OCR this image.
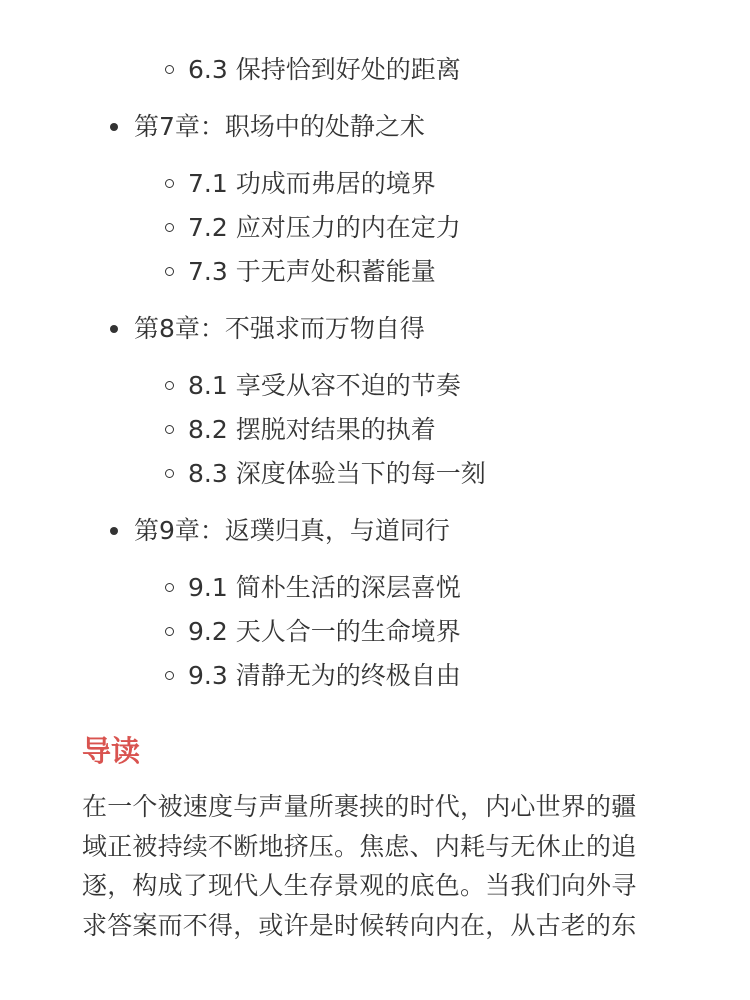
6.3 保持恰到好处的距离
第7章：职场中的处静之术
7.1 功成而弗居的境界
7.2 应对压力的内在定力
7.3 于无声处积蓄能量
第8章：不强求而万物自得
8.1 享受从容不迫的节奏
8.2 摆脱对结果的执着
8.3 深度体验当下的每一刻
第9章：返璞归真，与道同行
9.1 简朴生活的深层喜悦
9.2 天人合一的生命境界
9.3 清静无为的终极自由
导读
在一个被速度与声量所裹挟的时代，内心世界的疆
域正被持续不断地挤压。焦虑、内耗与无休止的追
逐，构成了现代人生存景观的底色。当我们向外寻
求答案而不得，或许是时候转向内在，从古老的东
